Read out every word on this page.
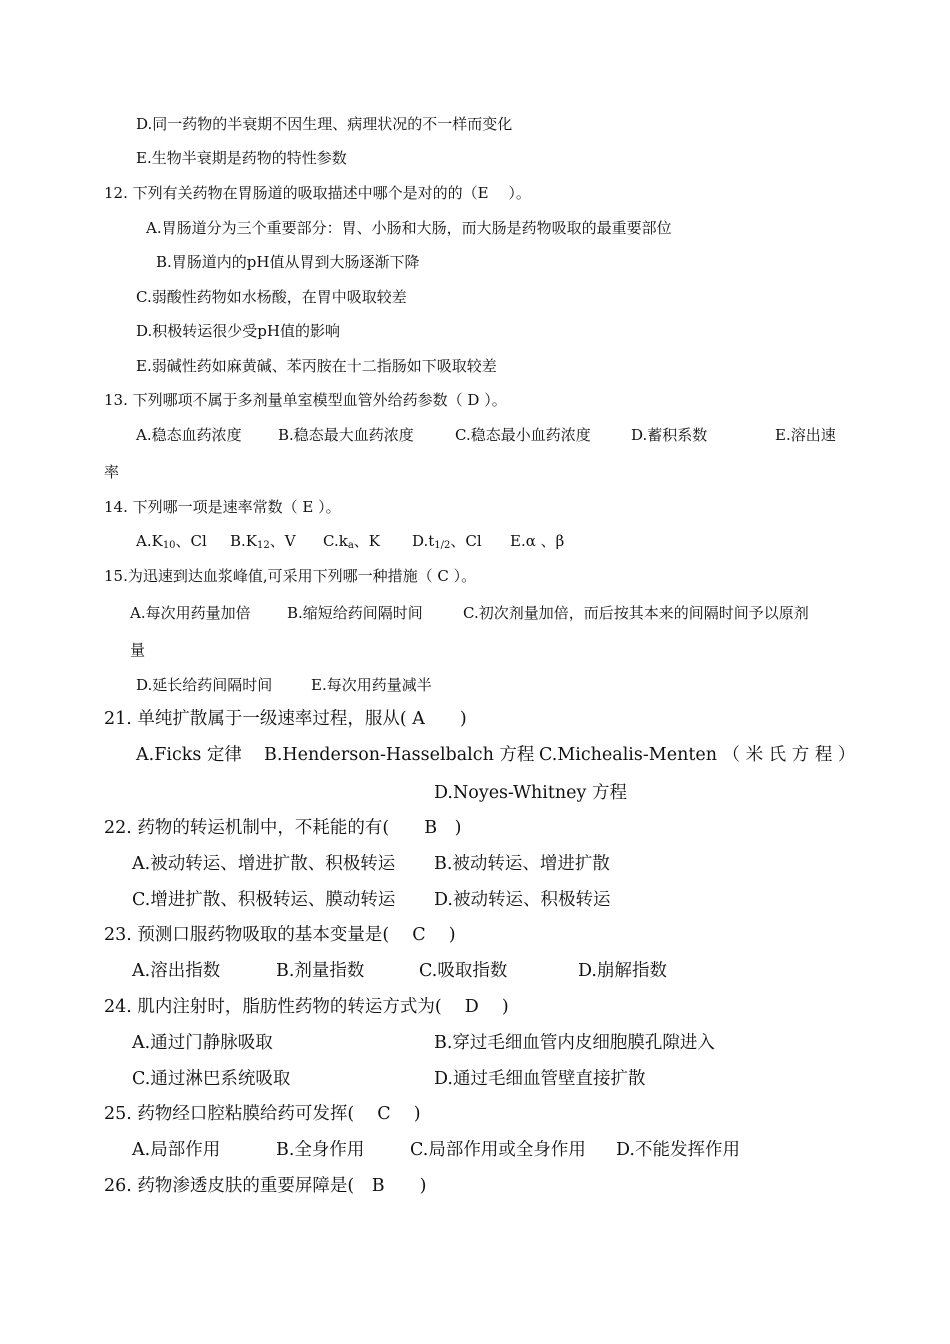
D.同一药物的半衰期不因生理、病理状况的不一样而变化
E.生物半衰期是药物的特性参数
12. 下列有关药物在胃肠道的吸取描述中哪个是对的的（E　 ）。
A.胃肠道分为三个重要部分：胃、小肠和大肠，而大肠是药物吸取的最重要部位
B.胃肠道内的pH值从胃到大肠逐渐下降
C.弱酸性药物如水杨酸，在胃中吸取较差
D.积极转运很少受pH值的影响
E.弱碱性药如麻黄碱、苯丙胺在十二指肠如下吸取较差
13. 下列哪项不属于多剂量单室模型血管外给药参数（ D ）。
A.稳态血药浓度 B.稳态最大血药浓度	C.稳态最小血药浓度	D.蓄积系数	E.溶出速
率
14. 下列哪一项是速率常数（ E ）。
$A.K_{10}$、Cl $B.K_{12}$、V $C.k_a$、K $D.t_{1/2}$、Cl E.α 、β
15.为迅速到达血浆峰值,可采用下列哪一种措施（ C ）。
A.每次用药量加倍 B.缩短给药间隔时间	C.初次剂量加倍，而后按其本来的间隔时间予以原剂
量
D.延长给药间隔时间	E.每次用药量减半
21. 单纯扩散属于一级速率过程，服从( A　　)
A.Ficks 定律 B.Henderson-Hasselbalch 方程 C.Michealis-Menten （ 米 氏 方 程 ）
D.Noyes-Whitney 方程
22. 药物的转运机制中，不耗能的有(　　B　)
A.被动转运、增进扩散、积极转运 B.被动转运、增进扩散
C.增进扩散、积极转运、膜动转运 D.被动转运、积极转运
23. 预测口服药物吸取的基本变量是(　 C　 )
A.溶出指数	B.剂量指数	C.吸取指数	D.崩解指数
24. 肌内注射时，脂肪性药物的转运方式为(　 D　 )
A.通过门静脉吸取	B.穿过毛细血管内皮细胞膜孔隙进入
C.通过淋巴系统吸取	D.通过毛细血管壁直接扩散
25. 药物经口腔粘膜给药可发挥(　 C　 )
A.局部作用	B.全身作用	C.局部作用或全身作用 D.不能发挥作用
26. 药物渗透皮肤的重要屏障是(　B　　)
